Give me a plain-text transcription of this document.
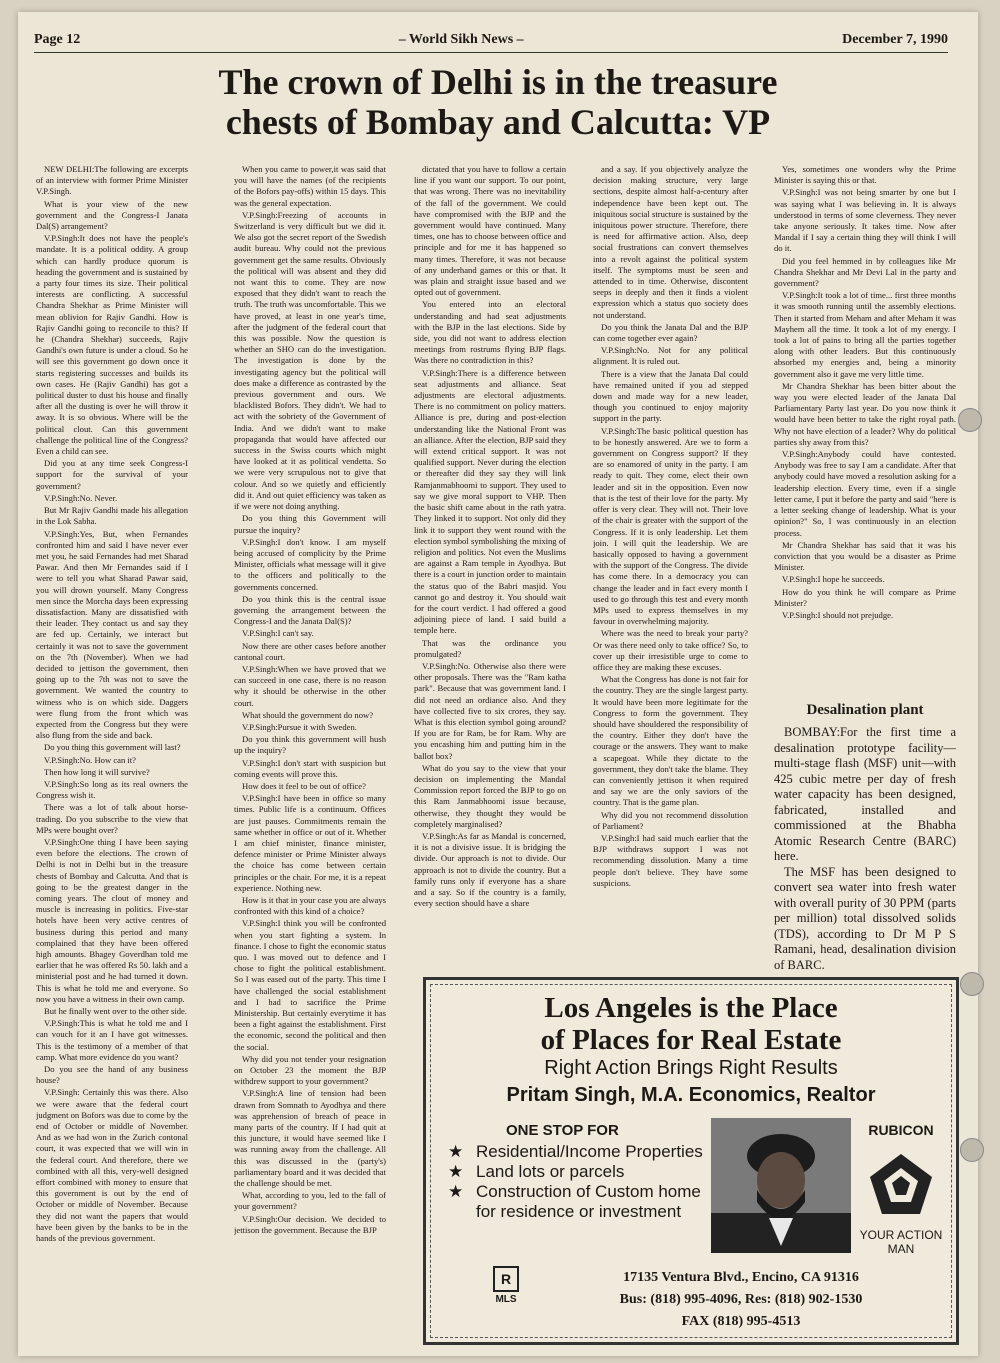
Page 12	– World Sikh News –	December 7, 1990
The crown of Delhi is in the treasure
chests of Bombay and Calcutta: VP

NEW DELHI:The following are excerpts of an interview with former Prime Minister V.P.Singh.

What is your view of the new government and the Congress-I Janata Dal(S) arrangement?

V.P.Singh:It does not have the people's mandate. It is a political oddity. A group which can hardly produce quorum is heading the government and is sustained by a party four times its size. Their political interests are conflicting. A successful Chandra Shekhar as Prime Minister will mean oblivion for Rajiv Gandhi. How is Rajiv Gandhi going to reconcile to this? If he (Chandra Shekhar) succeeds, Rajiv Gandhi's own future is under a cloud. So he will see this government go down once it starts registering successes and builds its own cases. He (Rajiv Gandhi) has got a political duster to dust his house and finally after all the dusting is over he will throw it away. It is so obvious. Where will be the political clout. Can this government challenge the political line of the Congress? Even a child can see.

Did you at any time seek Congress-I support for the survival of your government?

V.P.Singh:No. Never.

But Mr Rajiv Gandhi made his allegation in the Lok Sabha.

V.P.Singh:Yes, But, when Fernandes confronted him and said I have never ever met you, he said Fernandes had met Sharad Pawar. And then Mr Fernandes said if I were to tell you what Sharad Pawar said, you will drown yourself. Many Congress men since the Morcha days been expressing dissatisfaction. Many are dissatisfied with their leader. They contact us and say they are fed up. Certainly, we interact but certainly it was not to save the government on the 7th (November). When we had decided to jettison the government, then going up to the 7th was not to save the government. We wanted the country to witness who is on which side. Daggers were flung from the front which was expected from the Congress but they were also flung from the side and back.

Do you thing this government will last?

V.P.Singh:No. How can it?

Then how long it will survive?

V.P.Singh:So long as its real owners the Congress wish it.

There was a lot of talk about horse-trading. Do you subscribe to the view that MPs were bought over?

V.P.Singh:One thing I have been saying even before the elections. The crown of Delhi is not in Delhi but in the treasure chests of Bombay and Calcutta. And that is going to be the greatest danger in the coming years. The clout of money and muscle is increasing in politics. Five-star hotels have been very active centres of business during this period and many complained that they have been offered high amounts. Bhagey Goverdhan told me earlier that he was offered Rs 50. lakh and a ministerial post and he had turned it down. This is what he told me and everyone. So now you have a witness in their own camp.

But he finally went over to the other side.

V.P.Singh:This is what he told me and I can vouch for it an I have got witnesses. This is the testimony of a member of that camp. What more evidence do you want?

Do you see the hand of any business house?

V.P.Singh: Certainly this was there. Also we were aware that the federal court judgment on Bofors was due to come by the end of October or middle of November. And as we had won in the Zurich contonal court, it was expected that we will win in the federal court. And therefore, there we combined with all this, very-well designed effort combined with money to ensure that this government is out by the end of October or middle of November. Because they did not want the papers that would have been given by the banks to be in the hands of the previous government.

When you came to power,it was said that you will have the names (of the recipients of the Bofors pay-offs) within 15 days. This was the general expectation.

V.P.Singh:Freezing of accounts in Switzerland is very difficult but we did it. We also got the secret report of the Swedish audit bureau. Why could not the previous government get the same results. Obviously the political will was absent and they did not want this to come. They are now exposed that they didn't want to reach the truth. The truth was uncomfortable. This we have proved, at least in one year's time, after the judgment of the federal court that this was possible. Now the question is whether an SHO can do the investigation. The investigation is done by the investigating agency but the political will does make a difference as contrasted by the previous government and ours. We blacklisted Bofors. They didn't. We had to act with the sobriety of the Government of India. And we didn't want to make propaganda that would have affected our success in the Swiss courts which might have looked at it as political vendetta. So we were very scrupulous not to give that colour. And so we quietly and efficiently did it. And out quiet efficiency was taken as if we were not doing anything.

Do you thing this Government will pursue the inquiry?

V.P.Singh:I don't know. I am myself being accused of complicity by the Prime Minister, officials what message will it give to the officers and politically to the governments concerned.

Do you think this is the central issue governing the arrangement between the Congress-I and the Janata Dal(S)?

V.P.Singh:I can't say.

Now there are other cases before another cantonal court.

V.P.Singh:When we have proved that we can succeed in one case, there is no reason why it should be otherwise in the other court.

What should the government do now?

V.P.Singh:Pursue it with Sweden.

Do you think this government will hush up the inquiry?

V.P.Singh:I don't start with suspicion but coming events will prove this.

How does it feel to be out of office?

V.P.Singh:I have been in office so many times. Public life is a continuum. Offices are just pauses. Commitments remain the same whether in office or out of it. Whether I am chief minister, finance minister, defence minister or Prime Minister always the choice has come between certain principles or the chair. For me, it is a repeat experience. Nothing new.

How is it that in your case you are always confronted with this kind of a choice?

V.P.Singh:I think you will be confronted when you start fighting a system. In finance. I chose to fight the economic status quo. I was moved out to defence and I chose to fight the political establishment. So I was eased out of the party. This time I have challenged the social establishment and I had to sacrifice the Prime Ministership. But certainly everytime it has been a fight against the establishment. First the economic, second the political and then the social.

Why did you not tender your resignation on October 23 the moment the BJP withdrew support to your government?

V.P.Singh:A line of tension had been drawn from Somnath to Ayodhya and there was apprehension of breach of peace in many parts of the country. If I had quit at this juncture, it would have seemed like I was running away from the challenge. All this was discussed in the (party's) parliamentary board and it was decided that the challenge should be met.

What, according to you, led to the fall of your government?

V.P.Singh:Our decision. We decided to jettison the government. Because the BJP

dictated that you have to follow a certain line if you want our support. To our point, that was wrong. There was no inevitability of the fall of the government. We could have compromised with the BJP and the government would have continued. Many times, one has to choose between office and principle and for me it has happened so many times. Therefore, it was not because of any underhand games or this or that. It was plain and straight issue based and we opted out of government.

You entered into an electoral understanding and had seat adjustments with the BJP in the last elections. Side by side, you did not want to address election meetings from rostrums flying BJP flags. Was there no contradiction in this?

V.P.Singh:There is a difference between seat adjustments and alliance. Seat adjustments are electoral adjustments. There is no commitment on policy matters. Alliance is pre, during and post-election understanding like the National Front was an alliance. After the election, BJP said they will extend critical support. It was not qualified support. Never during the election or thereafter did they say they will link Ramjanmabhoomi to support. They used to say we give moral support to VHP. Then the basic shift came about in the rath yatra. They linked it to support. Not only did they link it to support they went round with the election symbol symbolishing the mixing of religion and politics. Not even the Muslims are against a Ram temple in Ayodhya. But there is a court in junction order to maintain the status quo of the Babri masjid. You cannot go and destroy it. You should wait for the court verdict. I had offered a good adjoining piece of land. I said build a temple here.

That was the ordinance you promulgated?

V.P.Singh:No. Otherwise also there were other proposals. There was the "Ram katha park". Because that was government land. I did not need an ordiance also. And they have collected five to six crores, they say. What is this election symbol going around? If you are for Ram, be for Ram. Why are you encashing him and putting him in the ballot box?

What do you say to the view that your decision on implementing the Mandal Commission report forced the BJP to go on this Ram Janmabhoomi issue because, otherwise, they thought they would be completely marginalised?

V.P.Singh:As far as Mandal is concerned, it is not a divisive issue. It is bridging the divide. Our approach is not to divide. Our approach is not to divide the country. But a family runs only if everyone has a share and a say. So if the country is a family, every section should have a share

and a say. If you objectively analyze the decision making structure, very large sections, despite almost half-a-century after independence have been kept out. The iniquitous social structure is sustained by the iniquitous power structure. Therefore, there is need for affirmative action. Also, deep social frustrations can convert themselves into a revolt against the political system itself. The symptoms must be seen and attended to in time. Otherwise, discontent seeps in deeply and then it finds a violent expression which a status quo society does not understand.

Do you think the Janata Dal and the BJP can come together ever again?

V.P.Singh:No. Not for any political alignment. It is ruled out.

There is a view that the Janata Dal could have remained united if you ad stepped down and made way for a new leader, though you continued to enjoy majority support in the party.

V.P.Singh:The basic political question has to be honestly answered. Are we to form a government on Congress support? If they are so enamored of unity in the party. I am ready to quit. They come, elect their own leader and sit in the opposition. Even now that is the test of their love for the party. My offer is very clear. They will not. Their love of the chair is greater with the support of the Congress. If it is only leadership. Let them join. I will quit the leadership. We are basically opposed to having a government with the support of the Congress. The divide has come there. In a democracy you can change the leader and in fact every month I used to go through this test and every month MPs used to express themselves in my favour in overwhelming majority.

Where was the need to break your party? Or was there need only to take office? So, to cover up their irresistible urge to come to office they are making these excuses.

What the Congress has done is not fair for the country. They are the single largest party. It would have been more legitimate for the Congress to form the government. They should have shouldered the responsibility of the country. Either they don't have the courage or the answers. They want to make a scapegoat. While they dictate to the government, they don't take the blame. They can conveniently jettison it when required and say we are the only saviors of the country. That is the game plan.

Why did you not recommend dissolution of Parliament?

V.P.Singh:I had said much earlier that the BJP withdraws support I was not recommending dissolution. Many a time people don't believe. They have some suspicions.

Yes, sometimes one wonders why the Prime Minister is saying this or that.

V.P.Singh:I was not being smarter by one but I was saying what I was believing in. It is always understood in terms of some cleverness. They never take anyone seriously. It takes time. Now after Mandal if I say a certain thing they will think I will do it.

Did you feel hemmed in by colleagues like Mr Chandra Shekhar and Mr Devi Lal in the party and government?

V.P.Singh:It took a lot of time... first three months it was smooth running until the assembly elections. Then it started from Meham and after Meham it was Mayhem all the time. It took a lot of my energy. I took a lot of pains to bring all the parties together along with other leaders. But this continuously absorbed my energies and, being a minority government also it gave me very little time.

Mr Chandra Shekhar has been bitter about the way you were elected leader of the Janata Dal Parliamentary Party last year. Do you now think it would have been better to take the right royal path. Why not have election of a leader? Why do political parties shy away from this?

V.P.Singh:Anybody could have contested. Anybody was free to say I am a candidate. After that anybody could have moved a resolution asking for a leadership election. Every time, even if a single letter came, I put it before the party and said "here is a letter seeking change of leadership. What is your opinion?" So, I was continuously in an election process.

Mr Chandra Shekhar has said that it was his conviction that you would be a disaster as Prime Minister.

V.P.Singh:I hope he succeeds.

How do you think he will compare as Prime Minister?

V.P.Singh:I should not prejudge.

Desalination plant

BOMBAY:For the first time a desalination prototype facility—multi-stage flash (MSF) unit—with 425 cubic metre per day of fresh water capacity has been designed, fabricated, installed and commissioned at the Bhabha Atomic Research Centre (BARC) here.

The MSF has been designed to convert sea water into fresh water with overall purity of 30 PPM (parts per million) total dissolved solids (TDS), according to Dr M P S Ramani, head, desalination division of BARC.

Los Angeles is the Place
of Places for Real Estate
Right Action Brings Right Results
Pritam Singh, M.A. Economics, Realtor
ONE STOP FOR
★ Residential/Income Properties
★ Land lots or parcels
★ Construction of Custom home for residence or investment
RUBICON
YOUR ACTION MAN
R
MLS
17135 Ventura Blvd., Encino, CA 91316
Bus: (818) 995-4096, Res: (818) 902-1530
FAX (818) 995-4513
